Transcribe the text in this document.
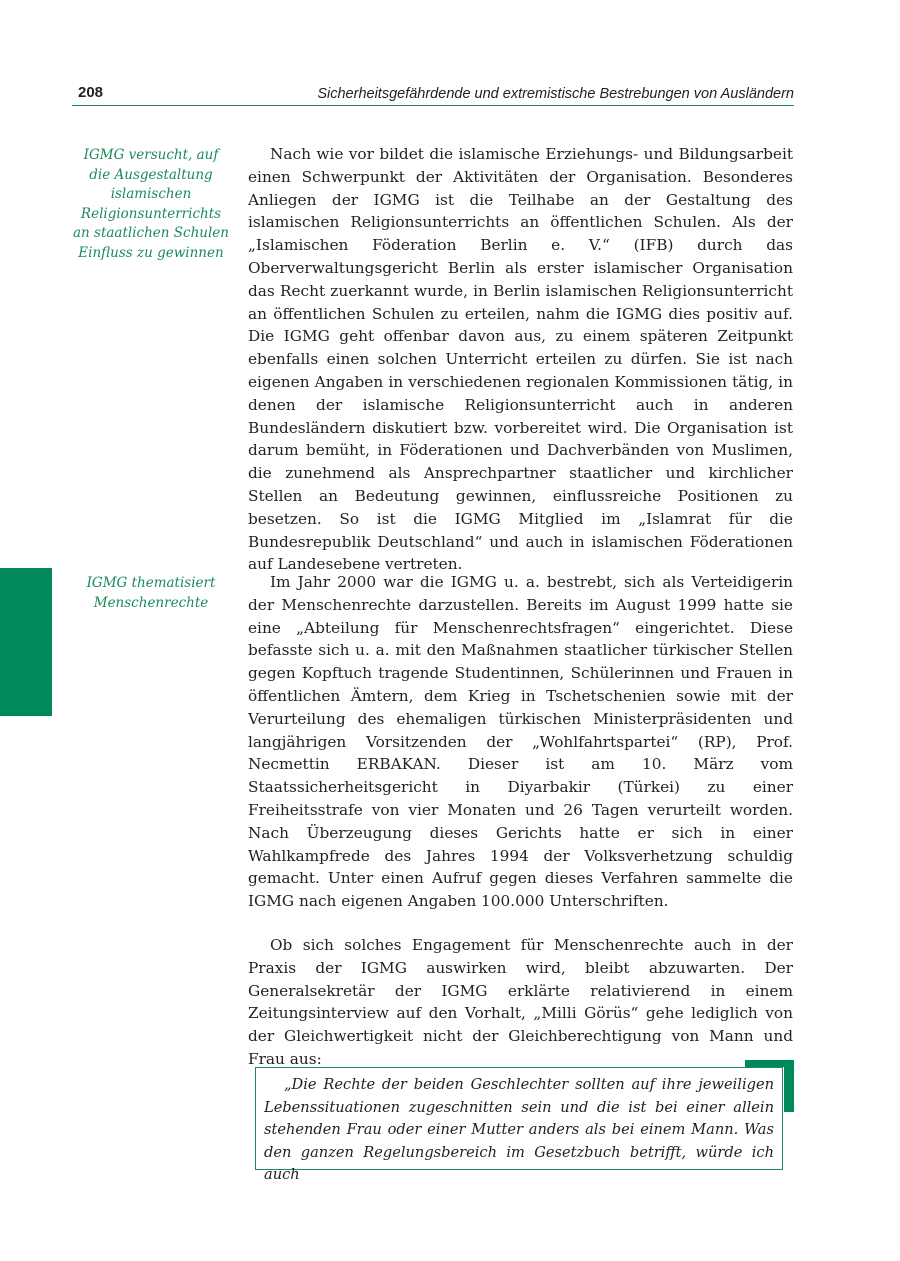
208	Sicherheitsgefährdende und extremistische Bestrebungen von Ausländern
IGMG versucht, auf die Ausgestaltung islamischen Religionsunterrichts an staatlichen Schulen Einfluss zu gewinnen
IGMG thematisiert Menschenrechte

Nach wie vor bildet die islamische Erziehungs- und Bildungsarbeit einen Schwerpunkt der Aktivitäten der Organisation. Besonderes Anliegen der IGMG ist die Teilhabe an der Gestaltung des islamischen Religionsunterrichts an öffentlichen Schulen. Als der „Islamischen Föderation Berlin e. V.“ (IFB) durch das Oberverwaltungsgericht Berlin als erster islamischer Organisation das Recht zuerkannt wurde, in Berlin islamischen Religionsunterricht an öffentlichen Schulen zu erteilen, nahm die IGMG dies positiv auf. Die IGMG geht offenbar davon aus, zu einem späteren Zeitpunkt ebenfalls einen solchen Unterricht erteilen zu dürfen. Sie ist nach eigenen Angaben in verschiedenen regionalen Kommissionen tätig, in denen der islamische Religionsunterricht auch in anderen Bundesländern diskutiert bzw. vorbereitet wird. Die Organisation ist darum bemüht, in Föderationen und Dachverbänden von Muslimen, die zunehmend als Ansprechpartner staatlicher und kirchlicher Stellen an Bedeutung gewinnen, einflussreiche Positionen zu besetzen. So ist die IGMG Mitglied im „Islamrat für die Bundesrepublik Deutschland“ und auch in islamischen Föderationen auf Landesebene vertreten.

Im Jahr 2000 war die IGMG u. a. bestrebt, sich als Verteidigerin der Menschenrechte darzustellen. Bereits im August 1999 hatte sie eine „Abteilung für Menschenrechtsfragen“ eingerichtet. Diese befasste sich u. a. mit den Maßnahmen staatlicher türkischer Stellen gegen Kopftuch tragende Studentinnen, Schülerinnen und Frauen in öffentlichen Ämtern, dem Krieg in Tschetschenien sowie mit der Verurteilung des ehemaligen türkischen Ministerpräsidenten und langjährigen Vorsitzenden der „Wohlfahrtspartei“ (RP), Prof. Necmettin ERBAKAN. Dieser ist am 10. März vom Staatssicherheitsgericht in Diyarbakir (Türkei) zu einer Freiheitsstrafe von vier Monaten und 26 Tagen verurteilt worden. Nach Überzeugung dieses Gerichts hatte er sich in einer Wahlkampfrede des Jahres 1994 der Volksverhetzung schuldig gemacht. Unter einen Aufruf gegen dieses Verfahren sammelte die IGMG nach eigenen Angaben 100.000 Unterschriften.

Ob sich solches Engagement für Menschenrechte auch in der Praxis der IGMG auswirken wird, bleibt abzuwarten. Der Generalsekretär der IGMG erklärte relativierend in einem Zeitungsinterview auf den Vorhalt, „Milli Görüs“ gehe lediglich von der Gleichwertigkeit nicht der Gleichberechtigung von Mann und Frau aus:

„Die Rechte der beiden Geschlechter sollten auf ihre jeweiligen Lebenssituationen zugeschnitten sein und die ist bei einer allein stehenden Frau oder einer Mutter anders als bei einem Mann. Was den ganzen Regelungsbereich im Gesetzbuch betrifft, würde ich auch
